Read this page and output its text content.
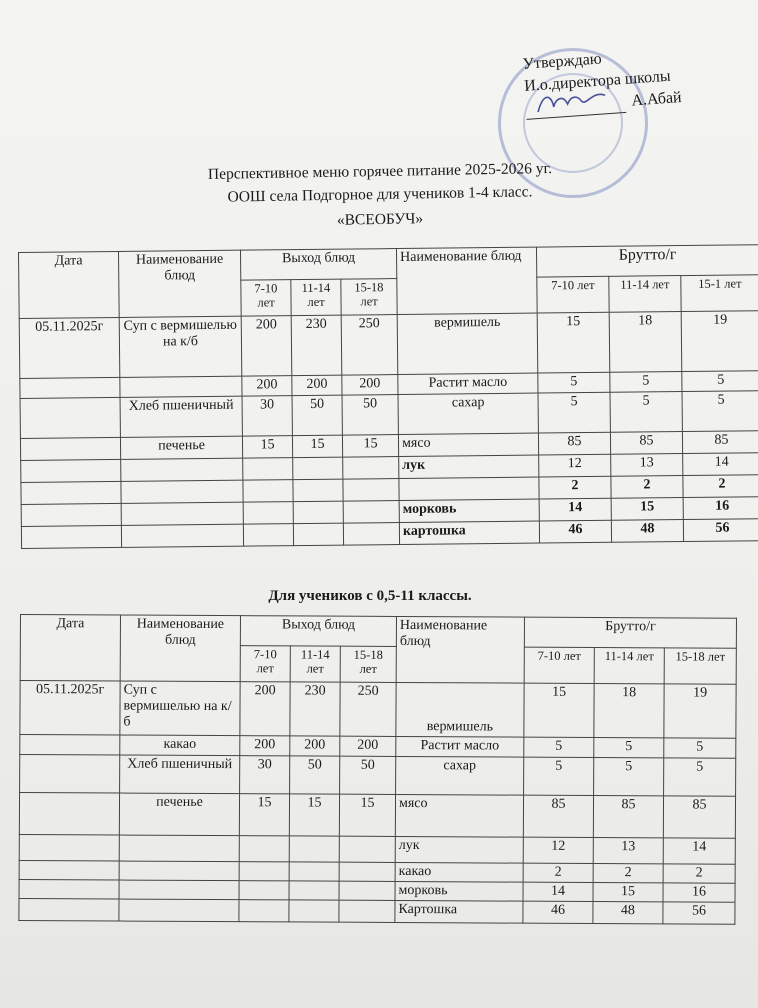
Утверждаю
И.о.директора школы
А.Абай
Перспективное меню горячее питание 2025-2026 уг.
ООШ села Подгорное для учеников 1-4 класс.
«ВСЕОБУЧ»
Дата	Наименование блюд	Выход блюд			Наименование блюд	Брутто/г		
		7-10 лет	11-14 лет	15-18 лет		7-10 лет	11-14 лет	15-1 лет
05.11.2025г	Суп с вермишелью на к/б	200	230	250	вермишель	15	18	19
		200	200	200	Растит масло	5	5	5
	Хлеб пшеничный	30	50	50	сахар	5	5	5
	печенье	15	15	15	мясо	85	85	85
					лук	12	13	14
						2	2	2
					морковь	14	15	16
					картошка	46	48	56
Для учеников с 0,5-11 классы.
Дата	Наименование блюд	Выход блюд			Наименование блюд	Брутто/г		
		7-10 лет	11-14 лет	15-18 лет		7-10 лет	11-14 лет	15-18 лет
05.11.2025г	Суп с вермишелью на к/б	200	230	250	вермишель	15	18	19
	какао	200	200	200	Растит масло	5	5	5
	Хлеб пшеничный	30	50	50	сахар	5	5	5
	печенье	15	15	15	мясо	85	85	85
					лук	12	13	14
					какао	2	2	2
					морковь	14	15	16
					Картошка	46	48	56
